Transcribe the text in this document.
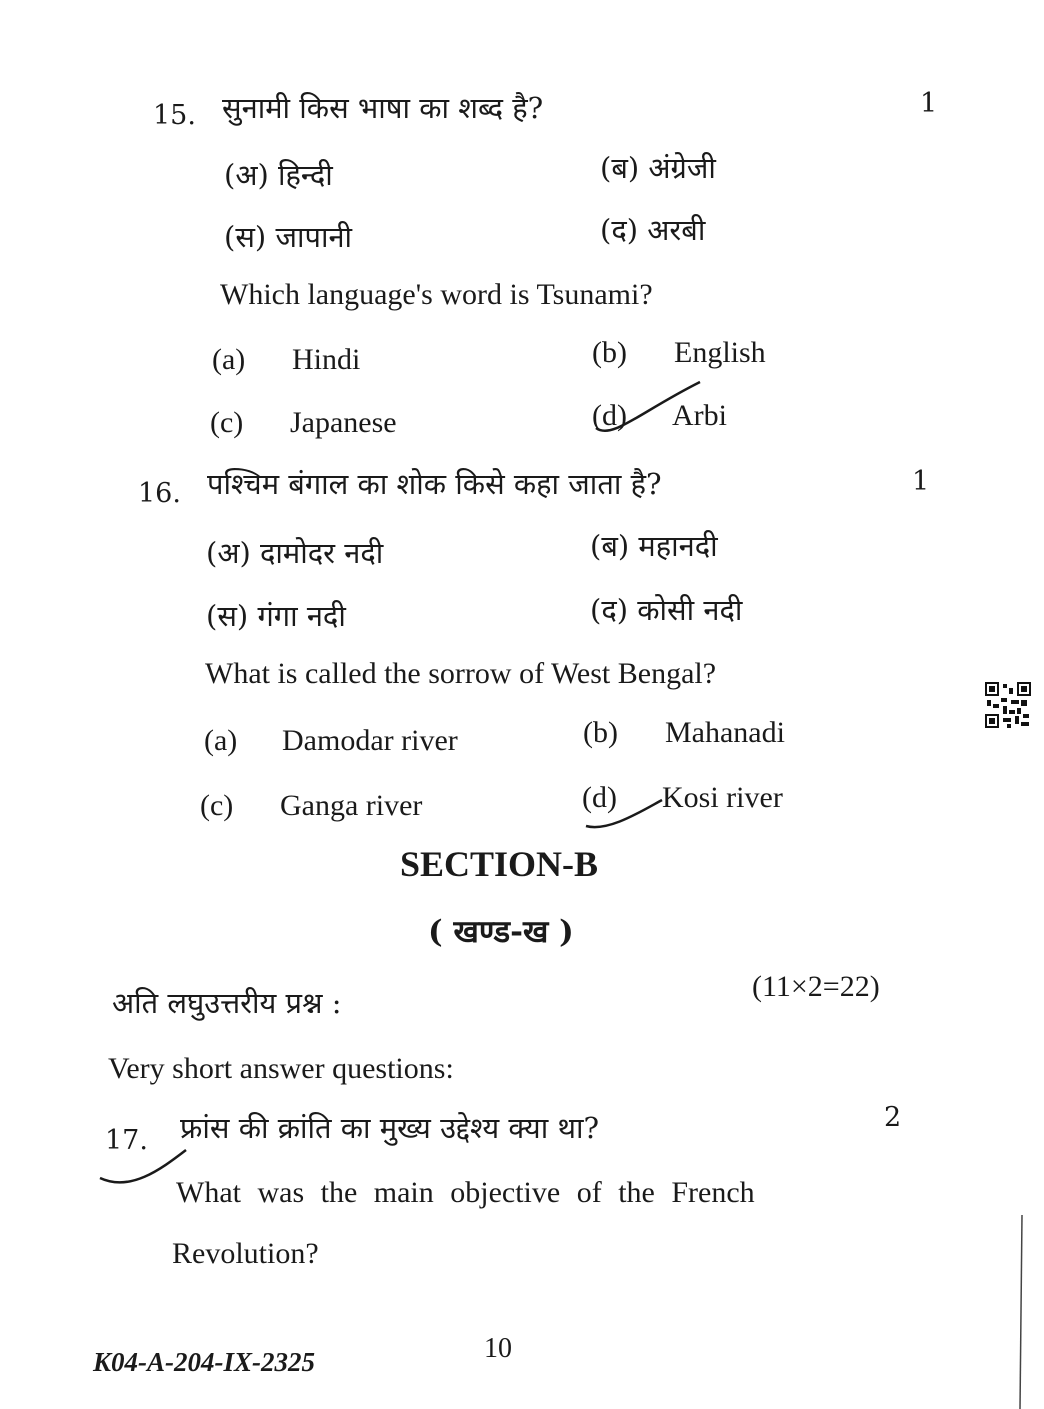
15. सुनामी किस भाषा का शब्द है?	1
(अ) हिन्दी	(ब) अंग्रेजी
(स) जापानी	(द) अरबी
Which language's word is Tsunami?
(a) Hindi	(b) English
(c) Japanese	(d) Arbi
16. पश्चिम बंगाल का शोक किसे कहा जाता है?	1
(अ) दामोदर नदी	(ब) महानदी
(स) गंगा नदी	(द) कोसी नदी
What is called the sorrow of West Bengal?
(a) Damodar river	(b) Mahanadi
(c) Ganga river	(d) Kosi river
SECTION-B
( खण्ड-ख )
अति लघुउत्तरीय प्रश्न :	(11×2=22)
Very short answer questions:
17. फ्रांस की क्रांति का मुख्य उद्देश्य क्या था?	2
What was the main objective of the French
Revolution?
K04-A-204-IX-2325	10
